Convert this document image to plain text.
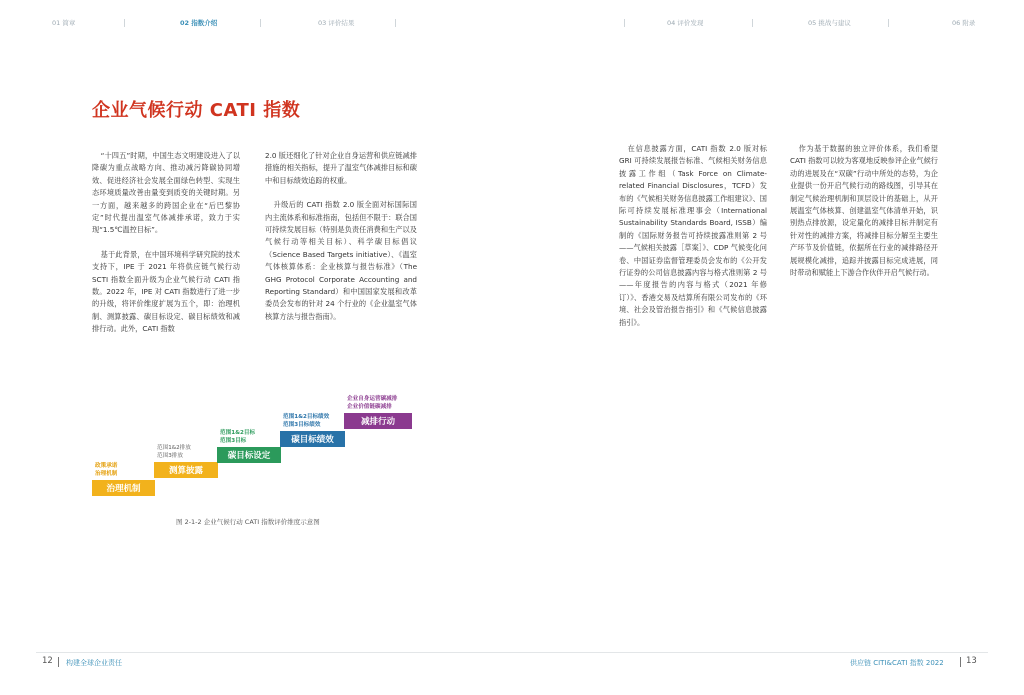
01 简章	02 指数介绍	03 评价结果	04 评价发现	05 挑战与建议	06 附录
企业气候行动 CATI 指数

“十四五”时期，中国生态文明建设进入了以降碳为重点战略方向、推动减污降碳协同增效、促进经济社会发展全面绿色转型、实现生态环境质量改善由量变到质变的关键时期。另一方面，越来越多的跨国企业在“后巴黎协定”时代提出温室气体减排承诺，致力于实现“1.5℃温控目标”。

基于此背景，在中国环境科学研究院的技术支持下，IPE 于 2021 年将供应链气候行动 SCTI 指数全面升级为企业气候行动 CATI 指数。2022 年，IPE 对 CATI 指数进行了进一步的升级，将评价维度扩展为五个，即：治理机制、测算披露、碳目标设定、碳目标绩效和减排行动。此外，CATI 指数

2.0 版还细化了针对企业自身运营和供应链减排措施的相关指标，提升了温室气体减排目标和碳中和目标绩效追踪的权重。

升级后的 CATI 指数 2.0 版全面对标国际国内主流体系和标准指南，包括但不限于：联合国可持续发展目标（特别是负责任消费和生产以及气候行动等相关目标）、科学碳目标倡议（Science Based Targets initiative）、《温室气体核算体系：企业核算与报告标准》（The GHG Protocol Corporate Accounting and Reporting Standard）和中国国家发展和改革委员会发布的针对 24 个行业的《企业温室气体核算方法与报告指南》。

在信息披露方面，CATI 指数 2.0 版对标 GRI 可持续发展报告标准、气候相关财务信息披露工作组（Task Force on Climate-related Financial Disclosures，TCFD）发布的《气候相关财务信息披露工作组建议》、国际可持续发展标准理事会（International Sustainability Standards Board, ISSB）编制的《国际财务报告可持续披露准则第 2 号——气候相关披露［草案］》、CDP 气候变化问卷、中国证券监督管理委员会发布的《公开发行证券的公司信息披露内容与格式准则第 2 号——年度报告的内容与格式（2021 年修订）》、香港交易及结算所有限公司发布的《环境、社会及管治报告指引》和《气候信息披露指引》。

作为基于数据的独立评价体系，我们希望 CATI 指数可以较为客观地反映参评企业气候行动的进展及在“双碳”行动中所处的态势，为企业提供一份开启气候行动的路线图，引导其在制定气候治理机制和顶层设计的基础上，从开展温室气体核算、创建温室气体清单开始，识别热点排放源，设定量化的减排目标并制定有针对性的减排方案，将减排目标分解至主要生产环节及价值链，依据所在行业的减排路径开展规模化减排，追踪并披露目标完成进展，同时带动和赋能上下游合作伙伴开启气候行动。

治理机制
政策承诺
治理机制	测算披露
范围1&2排放
范围3排放	碳目标设定
范围1&2目标
范围3目标	碳目标绩效
范围1&2目标绩效
范围3目标绩效	减排行动
企业自身运营碳减排
企业价值链碳减排
图 2-1-2 企业气候行动 CATI 指数评价维度示意图
12 构建全球企业责任	供应链 CITI&CATI 指数 2022	13
